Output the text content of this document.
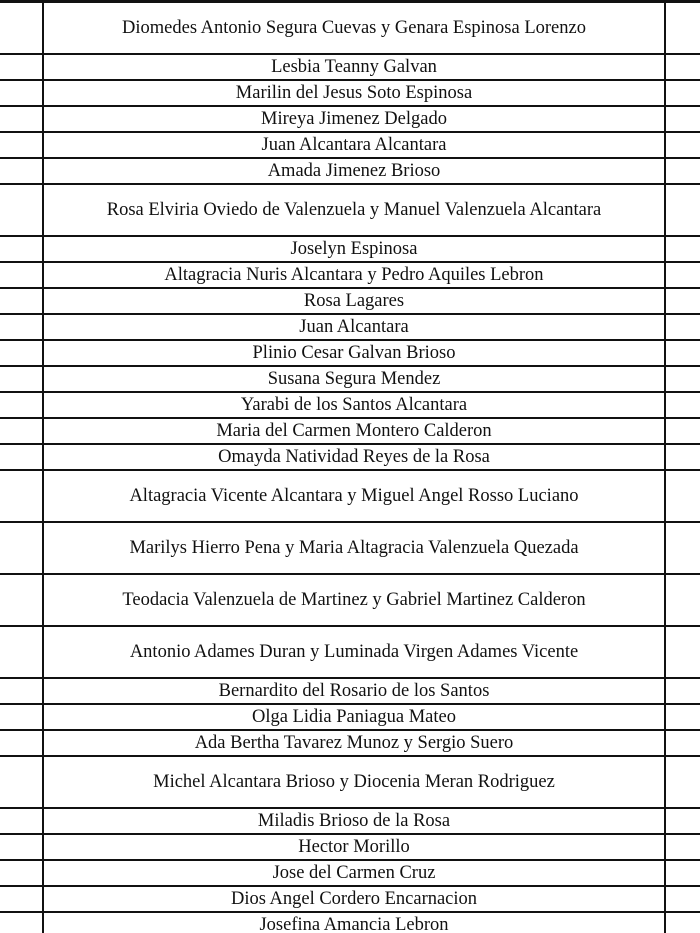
Diomedes Antonio Segura Cuevas y Genara Espinosa Lorenzo
Lesbia Teanny Galvan
Marilin del Jesus Soto Espinosa
Mireya Jimenez Delgado
Juan Alcantara Alcantara
Amada Jimenez Brioso
Rosa Elviria Oviedo de Valenzuela y Manuel Valenzuela Alcantara
Joselyn Espinosa
Altagracia Nuris Alcantara y Pedro Aquiles Lebron
Rosa Lagares
Juan Alcantara
Plinio Cesar Galvan Brioso
Susana Segura Mendez
Yarabi de los Santos Alcantara
Maria del Carmen Montero Calderon
Omayda Natividad Reyes de la Rosa
Altagracia Vicente Alcantara y Miguel Angel Rosso Luciano
Marilys Hierro Pena y Maria Altagracia Valenzuela Quezada
Teodacia Valenzuela de Martinez y Gabriel Martinez Calderon
Antonio Adames Duran y Luminada Virgen Adames Vicente
Bernardito del Rosario de los Santos
Olga Lidia Paniagua Mateo
Ada Bertha Tavarez Munoz y Sergio Suero
Michel Alcantara Brioso y Diocenia Meran Rodriguez
Miladis Brioso de la Rosa
Hector Morillo
Jose del Carmen Cruz
Dios Angel Cordero Encarnacion
Josefina Amancia Lebron
